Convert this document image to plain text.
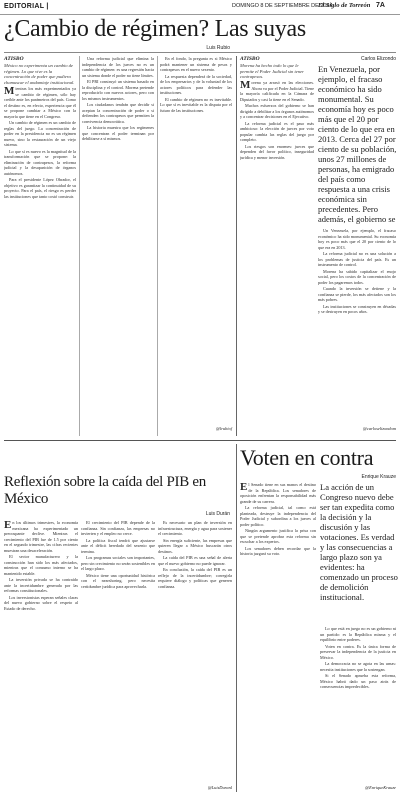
EDITORIAL |	DOMINGO 8 DE SEPTIEMBRE DE 2024
El Siglo de Torreón 7A
¿Cambio de régimen? Las suyas
Luis Rubio
ATISBO
México no experimenta un cambio de régimen. Lo que vive es la concentración de poder que pudiera chamuscar el andamiaje institucional.

Mientras los más experimentados ya se cambio de régimen, sólo hay creíble ante los parámetros del país. Como el destino es, en efecto, experiencia que él se propone cambiar a México con la mayoría que tiene en el Congreso.

Un cambio de régimen es un cambio de reglas del juego. La concentración de poder en la presidencia no es un régimen nuevo, sino la restauración de un viejo sistema.

Lo que sí es nuevo es la magnitud de la transformación que se propone: la eliminación de contrapesos, la reforma judicial y la desaparición de órganos autónomos.

Para el presidente López Obrador, el objetivo es garantizar la continuidad de su proyecto. Para el país, el riesgo es perder las instituciones que tanto costó construir.

Una reforma judicial que elimina la independencia de los jueces no es un cambio de régimen: es una regresión hacia un sistema donde el poder no tiene límites.

El PRI construyó un sistema basado en la disciplina y el control. Morena pretende reproducirlo con nuevos actores, pero con los mismos instrumentos.

Los ciudadanos tendrán que decidir si aceptan la concentración de poder o si defienden los contrapesos que permiten la convivencia democrática.

La historia muestra que los regímenes que concentran el poder terminan por debilitarse a sí mismos.

En el fondo, la pregunta es si México podrá mantener un sistema de pesos y contrapesos en el nuevo sexenio.

La respuesta dependerá de la sociedad, de los empresarios y de la voluntad de los actores políticos para defender las instituciones.

El cambio de régimen no es inevitable. Lo que sí es inevitable es la disputa por el futuro de las instituciones.

@lrubiof
Carlos Elizondo
ATISBO
Morena ha hecho todo lo que le permite el Poder Judicial sin tener contrapesos.

Morena ya arrasó en las elecciones. Ahora va por el Poder Judicial. Tiene la mayoría calificada en la Cámara de Diputados y casi la tiene en el Senado.

Muchos esfuerzos del gobierno se han dirigido a debilitar a los órganos autónomos y a concentrar decisiones en el Ejecutivo.

La reforma judicial es el paso más ambicioso: la elección de jueces por voto popular cambia las reglas del juego por completo.

Los riesgos son enormes: jueces que dependen del favor político, inseguridad jurídica y menor inversión.

En Venezuela, por ejemplo, el fracaso económico ha sido monumental. Su economía hoy es poco más que el 20 por ciento de lo que era en 2013. Cerca del 27 por ciento de su población, unos 27 millones de personas, ha emigrado del país como respuesta a una crisis económica sin precedentes. Pero además, el gobierno se

Un Venezuela, por ejemplo, el fracaso económico ha sido monumental. Su economía hoy es poco más que el 20 por ciento de lo que era en 2013.

La reforma judicial no es una solución a los problemas de justicia del país. Es un instrumento de control.

Morena ha sabido capitalizar el enojo social, pero los costos de la concentración de poder los pagaremos todos.

Cuando la inversión se detiene y la confianza se pierde, los más afectados son los más pobres.

Las instituciones se construyen en décadas y se destruyen en pocos años.

@carloselizondom
Reflexión sobre la caída del PIB en México
Luis Durán

En los últimos trimestres, la economía mexicana ha experimentado un preocupante declive. Mientras el crecimiento del PIB fue de 1.5 por ciento en el segundo trimestre, las cifras recientes muestran una desaceleración.

El sector manufacturero y la construcción han sido los más afectados, mientras que el consumo interno se ha mantenido estable.

La inversión privada se ha contraído ante la incertidumbre generada por las reformas constitucionales.

Los inversionistas esperan señales claras del nuevo gobierno sobre el respeto al Estado de derecho.

El crecimiento del PIB depende de la confianza. Sin confianza, las empresas no invierten y el empleo no crece.

La política fiscal tendrá que ajustarse ante el déficit heredado del sexenio que termina.

Los programas sociales son importantes, pero sin crecimiento no serán sostenibles en el largo plazo.

México tiene una oportunidad histórica con el nearshoring, pero necesita certidumbre jurídica para aprovecharla.

Es necesario un plan de inversión en infraestructura, energía y agua para sostener el crecimiento.

Sin energía suficiente, las empresas que quieren llegar a México buscarán otros destinos.

La caída del PIB es una señal de alerta que el nuevo gobierno no puede ignorar.

En conclusión, la caída del PIB es un reflejo de la incertidumbre; corregirla requiere diálogo y políticas que generen confianza.

@LuisDuranl
Voten en contra
Enrique Krauze

El Senado tiene en sus manos el destino de la República. Los senadores de oposición enfrentan la responsabilidad más grande de su carrera.

La reforma judicial, tal como está planteada, destruye la independencia del Poder Judicial y subordina a los jueces al poder político.

Ningún argumento justifica la prisa con que se pretende aprobar esta reforma sin escuchar a los expertos.

Los senadores deben recordar que la historia juzgará su voto.

La acción de un Congreso nuevo debe ser tan expedita como la decisión y la discusión y las votaciones. Es verdad y las consecuencias a largo plazo son ya evidentes: ha comenzado un proceso de demolición institucional.

Lo que está en juego no es un gobierno ni un partido: es la República misma y el equilibrio entre poderes.

Voten en contra. Es la única forma de preservar la independencia de la justicia en México.

La democracia no se agota en las urnas: necesita instituciones que la sostengan.

Si el Senado aprueba esta reforma, México habrá dado un paso atrás de consecuencias impredecibles.

@EnriqueKrauze
